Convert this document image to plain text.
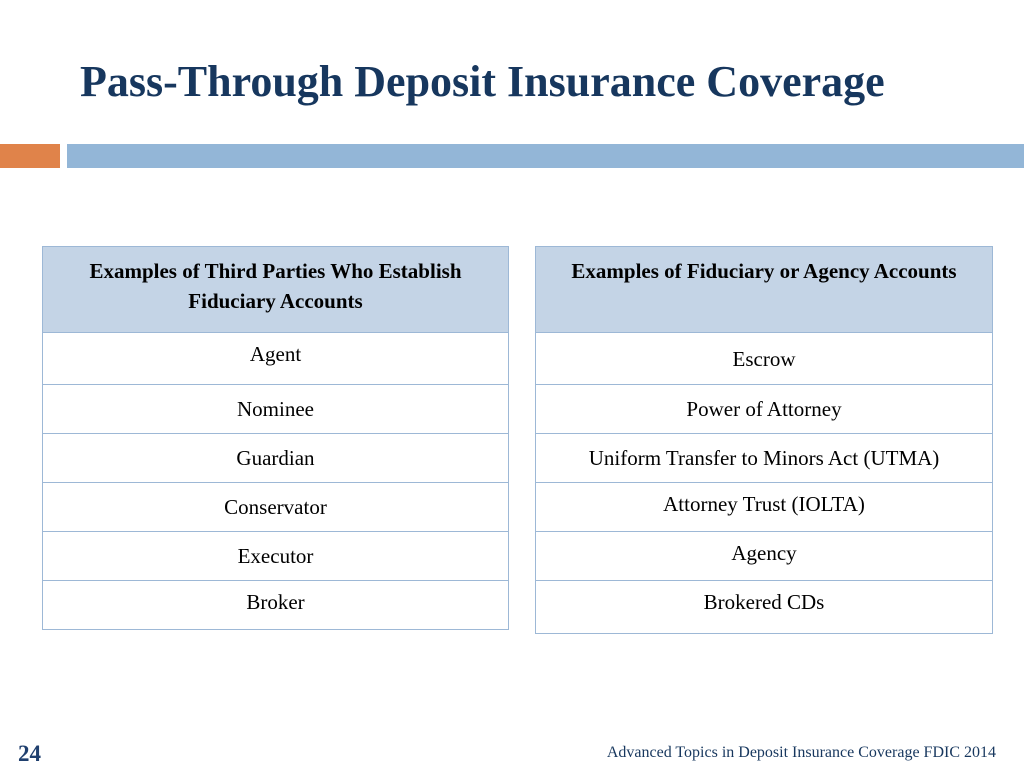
Pass-Through Deposit Insurance Coverage
Examples of Third Parties Who Establish Fiduciary Accounts
Agent
Nominee
Guardian
Conservator
Executor
Broker
Examples of Fiduciary or Agency Accounts
Escrow
Power of Attorney
Uniform Transfer to Minors Act (UTMA)
Attorney Trust (IOLTA)
Agency
Brokered CDs
24	Advanced Topics in Deposit Insurance Coverage FDIC 2014
